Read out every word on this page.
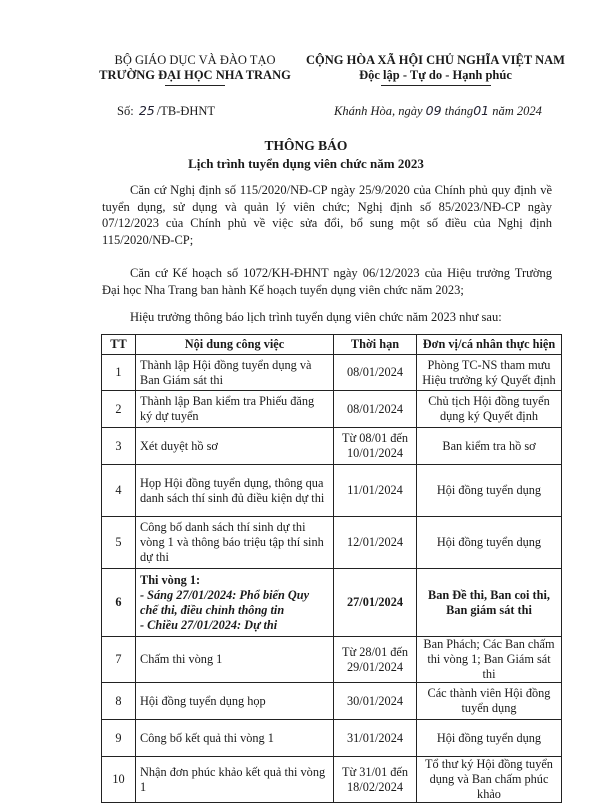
BỘ GIÁO DỤC VÀ ĐÀO TẠO
TRƯỜNG ĐẠI HỌC NHA TRANG
CỘNG HÒA XÃ HỘI CHỦ NGHĨA VIỆT NAM
Độc lập - Tự do - Hạnh phúc
Số: 25 /TB-ĐHNT	Khánh Hòa, ngày 09 tháng01 năm 2024
THÔNG BÁO
Lịch trình tuyển dụng viên chức năm 2023
Căn cứ Nghị định số 115/2020/NĐ-CP ngày 25/9/2020 của Chính phủ quy định về tuyển dụng, sử dụng và quản lý viên chức; Nghị định số 85/2023/NĐ-CP ngày 07/12/2023 của Chính phủ về việc sửa đổi, bổ sung một số điều của Nghị định 115/2020/NĐ-CP;
Căn cứ Kế hoạch số 1072/KH-ĐHNT ngày 06/12/2023 của Hiệu trưởng Trường Đại học Nha Trang ban hành Kế hoạch tuyển dụng viên chức năm 2023;
Hiệu trưởng thông báo lịch trình tuyển dụng viên chức năm 2023 như sau:
TT	Nội dung công việc	Thời hạn	Đơn vị/cá nhân thực hiện
1	Thành lập Hội đồng tuyển dụng và Ban Giám sát thi	08/01/2024	Phòng TC-NS tham mưu Hiệu trưởng ký Quyết định
2	Thành lập Ban kiểm tra Phiếu đăng ký dự tuyển	08/01/2024	Chủ tịch Hội đồng tuyển dụng ký Quyết định
3	Xét duyệt hồ sơ	Từ 08/01 đến 10/01/2024	Ban kiểm tra hồ sơ
4	Họp Hội đồng tuyển dụng, thông qua danh sách thí sinh đủ điều kiện dự thi	11/01/2024	Hội đồng tuyển dụng
5	Công bố danh sách thí sinh dự thi vòng 1 và thông báo triệu tập thí sinh dự thi	12/01/2024	Hội đồng tuyển dụng
6	Thi vòng 1:
- Sáng 27/01/2024: Phổ biến Quy chế thi, điều chỉnh thông tin
- Chiều 27/01/2024: Dự thi	27/01/2024	Ban Đề thi, Ban coi thi, Ban giám sát thi
7	Chấm thi vòng 1	Từ 28/01 đến 29/01/2024	Ban Phách; Các Ban chấm thi vòng 1; Ban Giám sát thi
8	Hội đồng tuyển dụng họp	30/01/2024	Các thành viên Hội đồng tuyển dụng
9	Công bố kết quả thi vòng 1	31/01/2024	Hội đồng tuyển dụng
10	Nhận đơn phúc khảo kết quả thi vòng 1	Từ 31/01 đến 18/02/2024	Tổ thư ký Hội đồng tuyển dụng và Ban chấm phúc khảo
